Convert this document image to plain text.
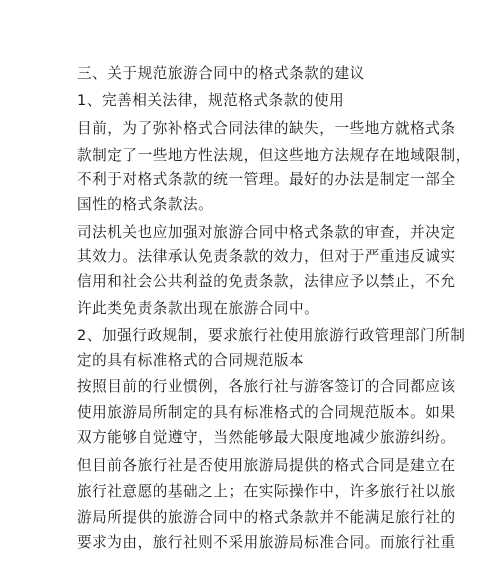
三、关于规范旅游合同中的格式条款的建议
1、完善相关法律，规范格式条款的使用
目前，为了弥补格式合同法律的缺失，一些地方就格式条
款制定了一些地方性法规，但这些地方法规存在地域限制，
不利于对格式条款的统一管理。最好的办法是制定一部全
国性的格式条款法。
司法机关也应加强对旅游合同中格式条款的审查，并决定
其效力。法律承认免责条款的效力，但对于严重违反诚实
信用和社会公共利益的免责条款，法律应予以禁止，不允
许此类免责条款出现在旅游合同中。
2、加强行政规制，要求旅行社使用旅游行政管理部门所制
定的具有标准格式的合同规范版本
按照目前的行业惯例，各旅行社与游客签订的合同都应该
使用旅游局所制定的具有标准格式的合同规范版本。如果
双方能够自觉遵守，当然能够最大限度地减少旅游纠纷。
但目前各旅行社是否使用旅游局提供的格式合同是建立在
旅行社意愿的基础之上；在实际操作中，许多旅行社以旅
游局所提供的旅游合同中的格式条款并不能满足旅行社的
要求为由，旅行社则不采用旅游局标准合同。而旅行社重
